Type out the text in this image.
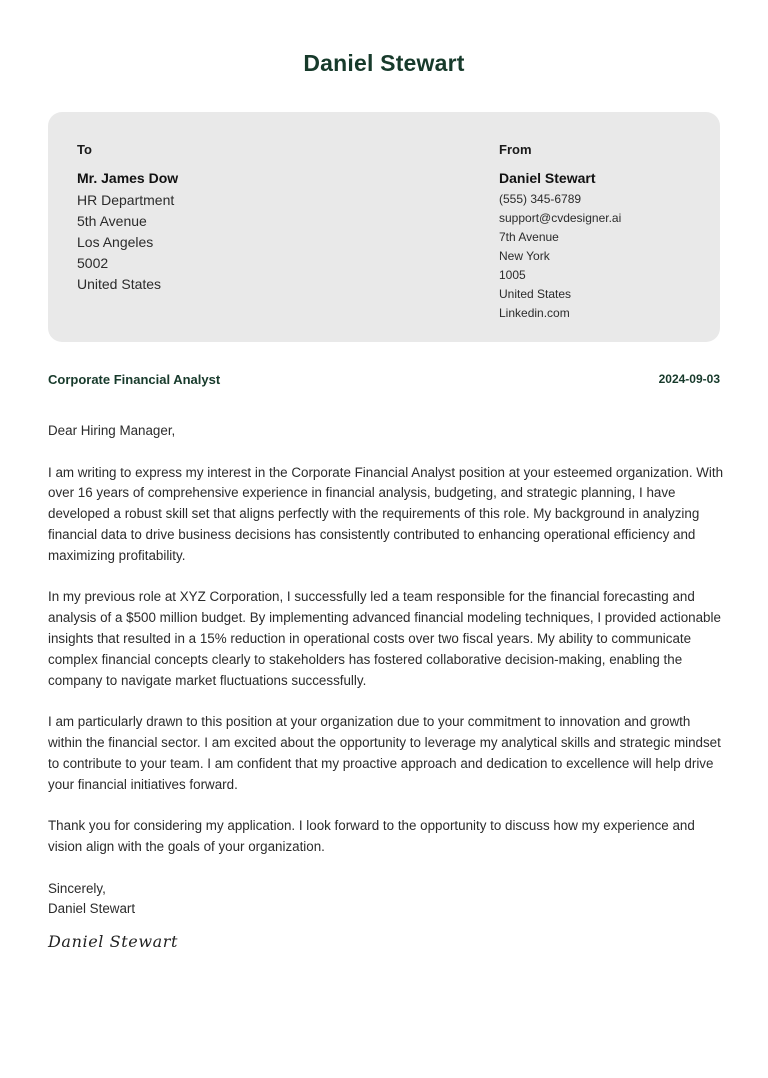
Daniel Stewart
To
Mr. James Dow
HR Department
5th Avenue
Los Angeles
5002
United States
From
Daniel Stewart
(555) 345-6789
support@cvdesigner.ai
7th Avenue
New York
1005
United States
Linkedin.com
Corporate Financial Analyst	2024-09-03

Dear Hiring Manager,

I am writing to express my interest in the Corporate Financial Analyst position at your esteemed organization. With over 16 years of comprehensive experience in financial analysis, budgeting, and strategic planning, I have developed a robust skill set that aligns perfectly with the requirements of this role. My background in analyzing financial data to drive business decisions has consistently contributed to enhancing operational efficiency and maximizing profitability.

In my previous role at XYZ Corporation, I successfully led a team responsible for the financial forecasting and analysis of a $500 million budget. By implementing advanced financial modeling techniques, I provided actionable insights that resulted in a 15% reduction in operational costs over two fiscal years. My ability to communicate complex financial concepts clearly to stakeholders has fostered collaborative decision-making, enabling the company to navigate market fluctuations successfully.

I am particularly drawn to this position at your organization due to your commitment to innovation and growth within the financial sector. I am excited about the opportunity to leverage my analytical skills and strategic mindset to contribute to your team. I am confident that my proactive approach and dedication to excellence will help drive your financial initiatives forward.

Thank you for considering my application. I look forward to the opportunity to discuss how my experience and vision align with the goals of your organization.

Sincerely,
Daniel Stewart
Daniel Stewart
